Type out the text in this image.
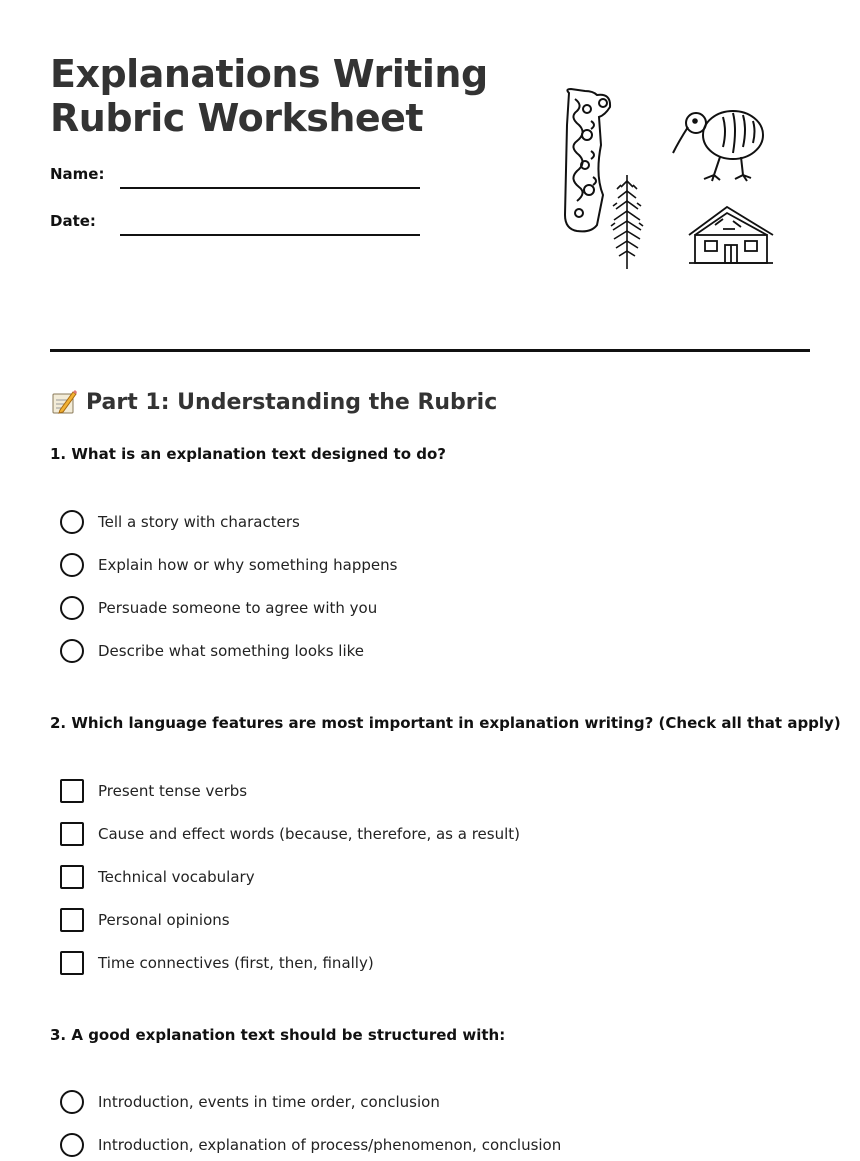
Explanations Writing
Rubric Worksheet
Name:
Date:
Part 1: Understanding the Rubric
1. What is an explanation text designed to do?
Tell a story with characters
Explain how or why something happens
Persuade someone to agree with you
Describe what something looks like
2. Which language features are most important in explanation writing? (Check all that apply)
Present tense verbs
Cause and effect words (because, therefore, as a result)
Technical vocabulary
Personal opinions
Time connectives (first, then, finally)
3. A good explanation text should be structured with:
Introduction, events in time order, conclusion
Introduction, explanation of process/phenomenon, conclusion
